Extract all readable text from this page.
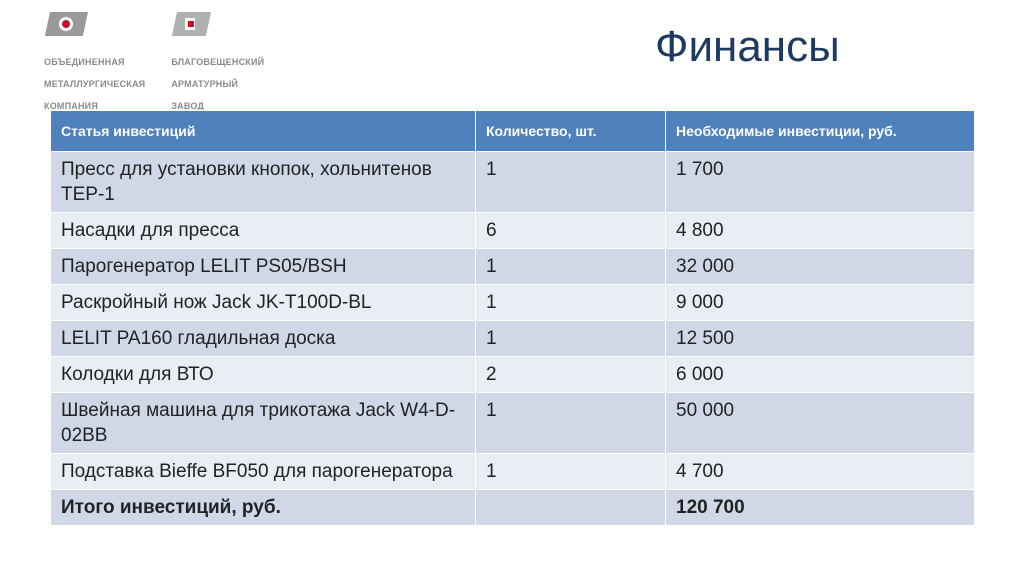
ОБЪЕДИНЕННАЯ

МЕТАЛЛУРГИЧЕСКАЯ

КОМПАНИЯ

БЛАГОВЕЩЕНСКИЙ

АРМАТУРНЫЙ

ЗАВОД

Финансы
Статья инвестиций	Количество, шт.	Необходимые инвестиции, руб.
Пресс для установки кнопок, хольнитенов TEP-1	1	1 700
Насадки для пресса	6	4 800
Парогенератор LELIT PS05/BSH	1	32 000
Раскройный нож Jack JK-T100D-BL	1	9 000
LELIT PA160 гладильная доска	1	12 500
Колодки для ВТО	2	6 000
Швейная машина для трикотажа Jack W4-D-02BB	1	50 000
Подставка Bieffe BF050 для парогенератора	1	4 700
Итого инвестиций, руб.		120 700
